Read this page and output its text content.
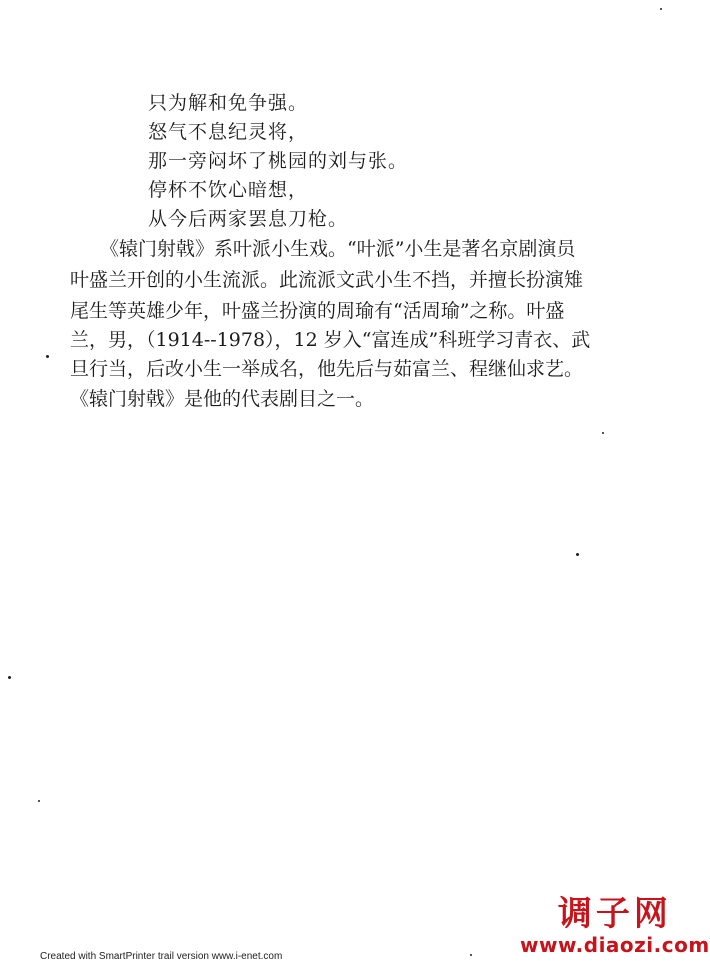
只为解和免争强。
怒气不息纪灵将，
那一旁闷坏了桃园的刘与张。
停杯不饮心暗想，
从今后两家罢息刀枪。
《辕门射戟》系叶派小生戏。“叶派”小生是著名京剧演员
叶盛兰开创的小生流派。此流派文武小生不挡，并擅长扮演雉
尾生等英雄少年，叶盛兰扮演的周瑜有“活周瑜”之称。叶盛
兰，男，（1914--1978），12 岁入“富连成”科班学习青衣、武
旦行当，后改小生一举成名，他先后与茹富兰、程继仙求艺。
《辕门射戟》是他的代表剧目之一。
调子网
www.diaozi.com
Created with SmartPrinter trail version www.i-enet.com
